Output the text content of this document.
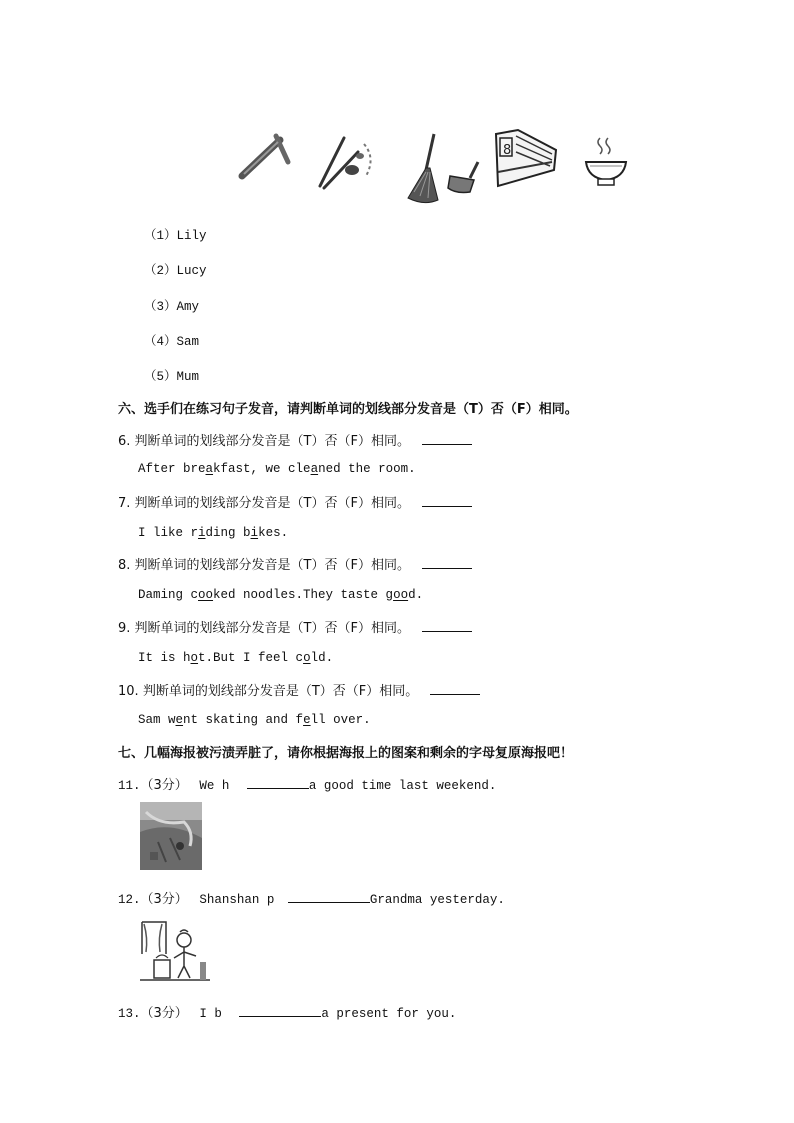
8
（1）Lily
（2）Lucy
（3）Amy
（4）Sam
（5）Mum
六、选手们在练习句子发音，请判断单词的划线部分发音是（T）否（F）相同。
6. 判断单词的划线部分发音是（T）否（F）相同。
After breakfast, we cleaned the room.
7. 判断单词的划线部分发音是（T）否（F）相同。
I like riding bikes.
8. 判断单词的划线部分发音是（T）否（F）相同。
Daming cooked noodles.They taste good.
9. 判断单词的划线部分发音是（T）否（F）相同。
It is hot.But I feel cold.
10. 判断单词的划线部分发音是（T）否（F）相同。
Sam went skating and fell over.
七、几幅海报被污渍弄脏了，请你根据海报上的图案和剩余的字母复原海报吧！
11.（3分） We h	a good time last weekend.
12.（3分） Shanshan p	Grandma yesterday.
13.（3分） I b	a present for you.
